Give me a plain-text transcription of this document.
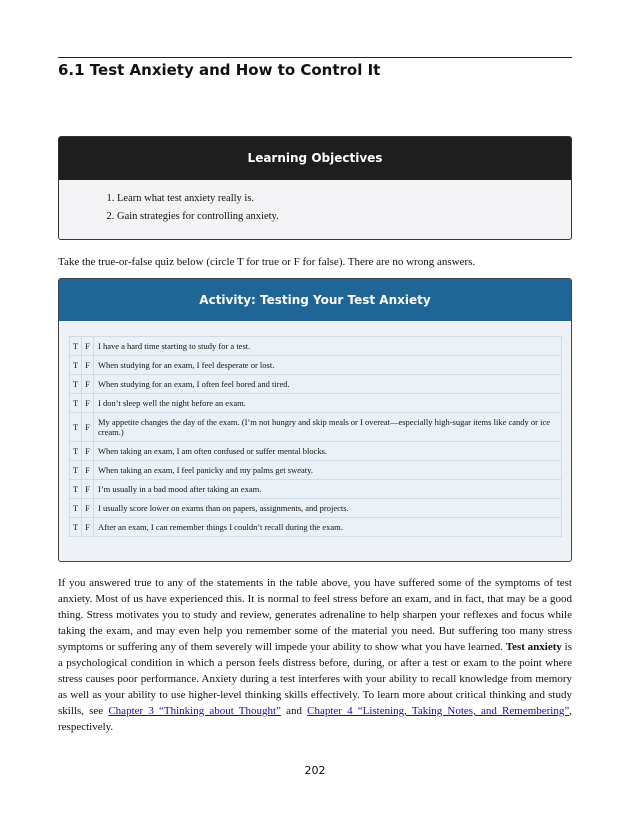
6.1 Test Anxiety and How to Control It
Learning Objectives
1. Learn what test anxiety really is.
2. Gain strategies for controlling anxiety.

Take the true-or-false quiz below (circle T for true or F for false). There are no wrong answers.

Activity: Testing Your Test Anxiety
T	F	I have a hard time starting to study for a test.
T	F	When studying for an exam, I feel desperate or lost.
T	F	When studying for an exam, I often feel bored and tired.
T	F	I don’t sleep well the night before an exam.
T	F	My appetite changes the day of the exam. (I’m not hungry and skip meals or I overeat—especially high-sugar items like candy or ice cream.)
T	F	When taking an exam, I am often confused or suffer mental blocks.
T	F	When taking an exam, I feel panicky and my palms get sweaty.
T	F	I’m usually in a bad mood after taking an exam.
T	F	I usually score lower on exams than on papers, assignments, and projects.
T	F	After an exam, I can remember things I couldn’t recall during the exam.

If you answered true to any of the statements in the table above, you have suffered some of the symptoms of test anxiety. Most of us have experienced this. It is normal to feel stress before an exam, and in fact, that may be a good thing. Stress motivates you to study and review, generates adrenaline to help sharpen your reflexes and focus while taking the exam, and may even help you remember some of the material you need. But suffering too many stress symptoms or suffering any of them severely will impede your ability to show what you have learned. Test anxiety is a psychological condition in which a person feels distress before, during, or after a test or exam to the point where stress causes poor performance. Anxiety during a test interferes with your ability to recall knowledge from memory as well as your ability to use higher-level thinking skills effectively. To learn more about critical thinking and study skills, see Chapter 3 “Thinking about Thought” and Chapter 4 “Listening, Taking Notes, and Remembering”, respectively.

202
